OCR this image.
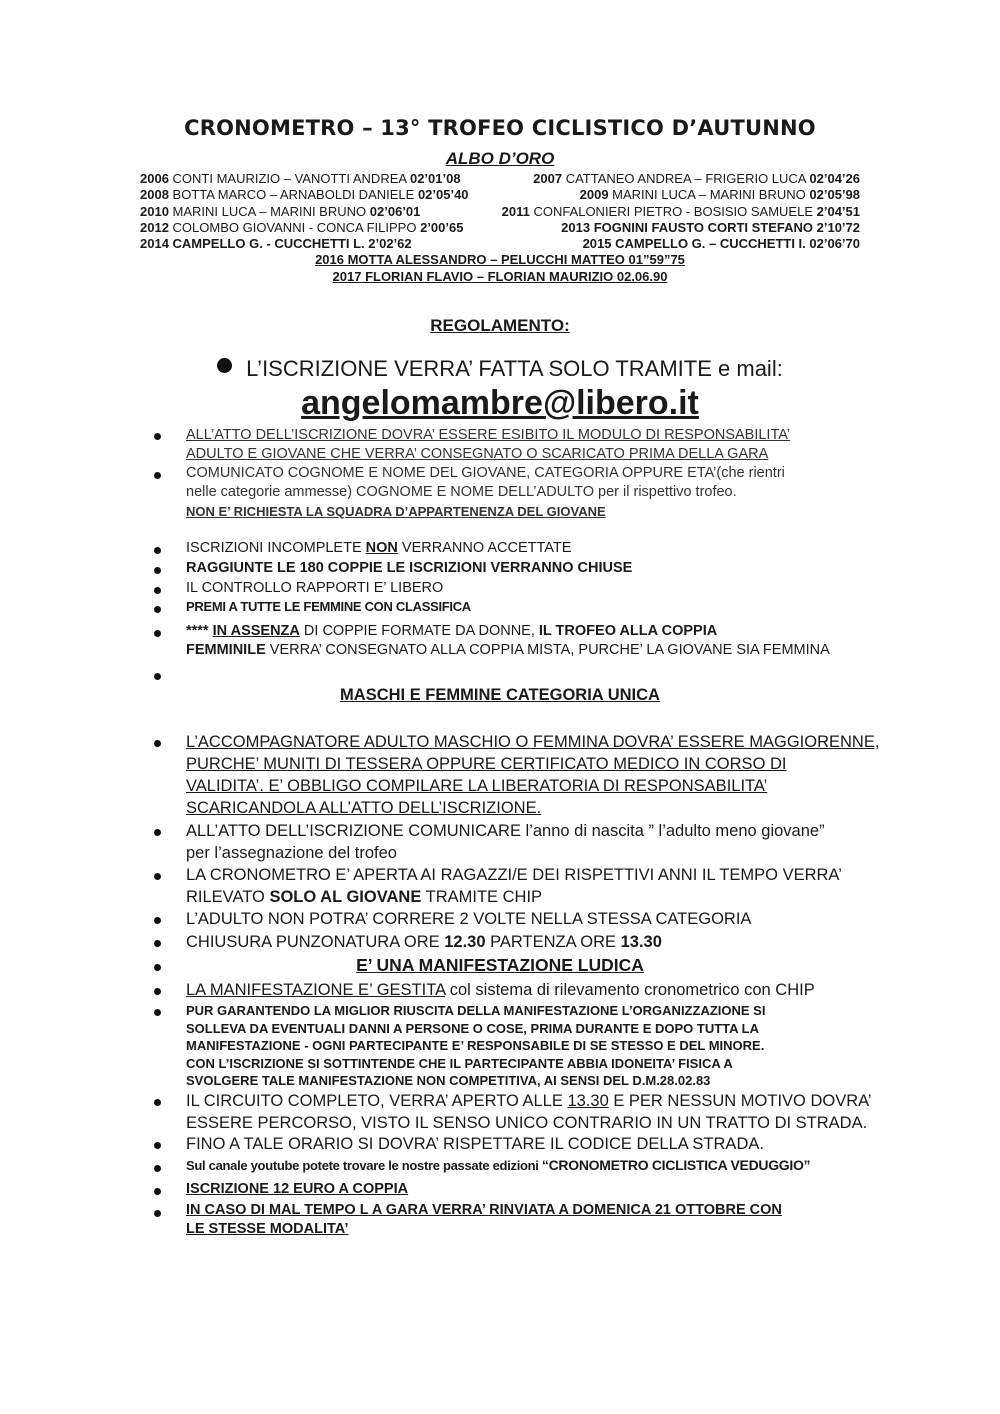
CRONOMETRO – 13° TROFEO CICLISTICO D’AUTUNNO
ALBO D’ORO
2006 CONTI MAURIZIO – VANOTTI ANDREA 02’01’08	2007 CATTANEO ANDREA – FRIGERIO LUCA 02’04’26
2008 BOTTA MARCO – ARNABOLDI DANIELE 02’05’40	2009 MARINI LUCA – MARINI BRUNO 02’05’98
2010 MARINI LUCA – MARINI BRUNO 02’06’01	2011 CONFALONIERI PIETRO - BOSISIO SAMUELE 2’04’51
2012 COLOMBO GIOVANNI - CONCA FILIPPO 2’00’65	2013 FOGNINI FAUSTO CORTI STEFANO 2’10’72
2014 CAMPELLO G. - CUCCHETTI L. 2’02’62	2015 CAMPELLO G. – CUCCHETTI I. 02’06’70
2016 MOTTA ALESSANDRO – PELUCCHI MATTEO 01”59”75
2017 FLORIAN FLAVIO – FLORIAN MAURIZIO 02.06.90
REGOLAMENTO:
L’ISCRIZIONE VERRA’ FATTA SOLO TRAMITE e mail:
angelomambre@libero.it
ALL’ATTO DELL’ISCRIZIONE DOVRA’ ESSERE ESIBITO IL MODULO DI RESPONSABILITA’
ADULTO E GIOVANE CHE VERRA’ CONSEGNATO O SCARICATO PRIMA DELLA GARA
COMUNICATO COGNOME E NOME DEL GIOVANE, CATEGORIA OPPURE ETA’(che rientri
nelle categorie ammesse) COGNOME E NOME DELL’ADULTO per il rispettivo trofeo.
NON E’ RICHIESTA LA SQUADRA D’APPARTENENZA DEL GIOVANE
ISCRIZIONI INCOMPLETE NON VERRANNO ACCETTATE
RAGGIUNTE LE 180 COPPIE LE ISCRIZIONI VERRANNO CHIUSE
IL CONTROLLO RAPPORTI E’ LIBERO
PREMI A TUTTE LE FEMMINE CON CLASSIFICA
**** IN ASSENZA DI COPPIE FORMATE DA DONNE, IL TROFEO ALLA COPPIA
FEMMINILE VERRA’ CONSEGNATO ALLA COPPIA MISTA, PURCHE’ LA GIOVANE SIA FEMMINA
MASCHI E FEMMINE CATEGORIA UNICA
L’ACCOMPAGNATORE ADULTO MASCHIO O FEMMINA DOVRA’ ESSERE MAGGIORENNE,
PURCHE’ MUNITI DI TESSERA OPPURE CERTIFICATO MEDICO IN CORSO DI
VALIDITA’. E’ OBBLIGO COMPILARE LA LIBERATORIA DI RESPONSABILITA’
SCARICANDOLA ALL’ATTO DELL’ISCRIZIONE.
ALL’ATTO DELL’ISCRIZIONE COMUNICARE l’anno di nascita ” l’adulto meno giovane”
per l’assegnazione del trofeo
LA CRONOMETRO E’ APERTA AI RAGAZZI/E DEI RISPETTIVI ANNI IL TEMPO VERRA’
RILEVATO SOLO AL GIOVANE TRAMITE CHIP
L’ADULTO NON POTRA’ CORRERE 2 VOLTE NELLA STESSA CATEGORIA
CHIUSURA PUNZONATURA ORE 12.30 PARTENZA ORE 13.30
E’ UNA MANIFESTAZIONE LUDICA
LA MANIFESTAZIONE E’ GESTITA col sistema di rilevamento cronometrico con CHIP
PUR GARANTENDO LA MIGLIOR RIUSCITA DELLA MANIFESTAZIONE L’ORGANIZZAZIONE SI
SOLLEVA DA EVENTUALI DANNI A PERSONE O COSE, PRIMA DURANTE E DOPO TUTTA LA
MANIFESTAZIONE - OGNI PARTECIPANTE E’ RESPONSABILE DI SE STESSO E DEL MINORE.
CON L’ISCRIZIONE SI SOTTINTENDE CHE IL PARTECIPANTE ABBIA IDONEITA’ FISICA A
SVOLGERE TALE MANIFESTAZIONE NON COMPETITIVA, AI SENSI DEL D.M.28.02.83
IL CIRCUITO COMPLETO, VERRA’ APERTO ALLE 13.30 E PER NESSUN MOTIVO DOVRA’
ESSERE PERCORSO, VISTO IL SENSO UNICO CONTRARIO IN UN TRATTO DI STRADA.
FINO A TALE ORARIO SI DOVRA’ RISPETTARE IL CODICE DELLA STRADA.
Sul canale youtube potete trovare le nostre passate edizioni “CRONOMETRO CICLISTICA VEDUGGIO”
ISCRIZIONE 12 EURO A COPPIA
IN CASO DI MAL TEMPO L A GARA VERRA’ RINVIATA A DOMENICA 21 OTTOBRE CON
LE STESSE MODALITA’
